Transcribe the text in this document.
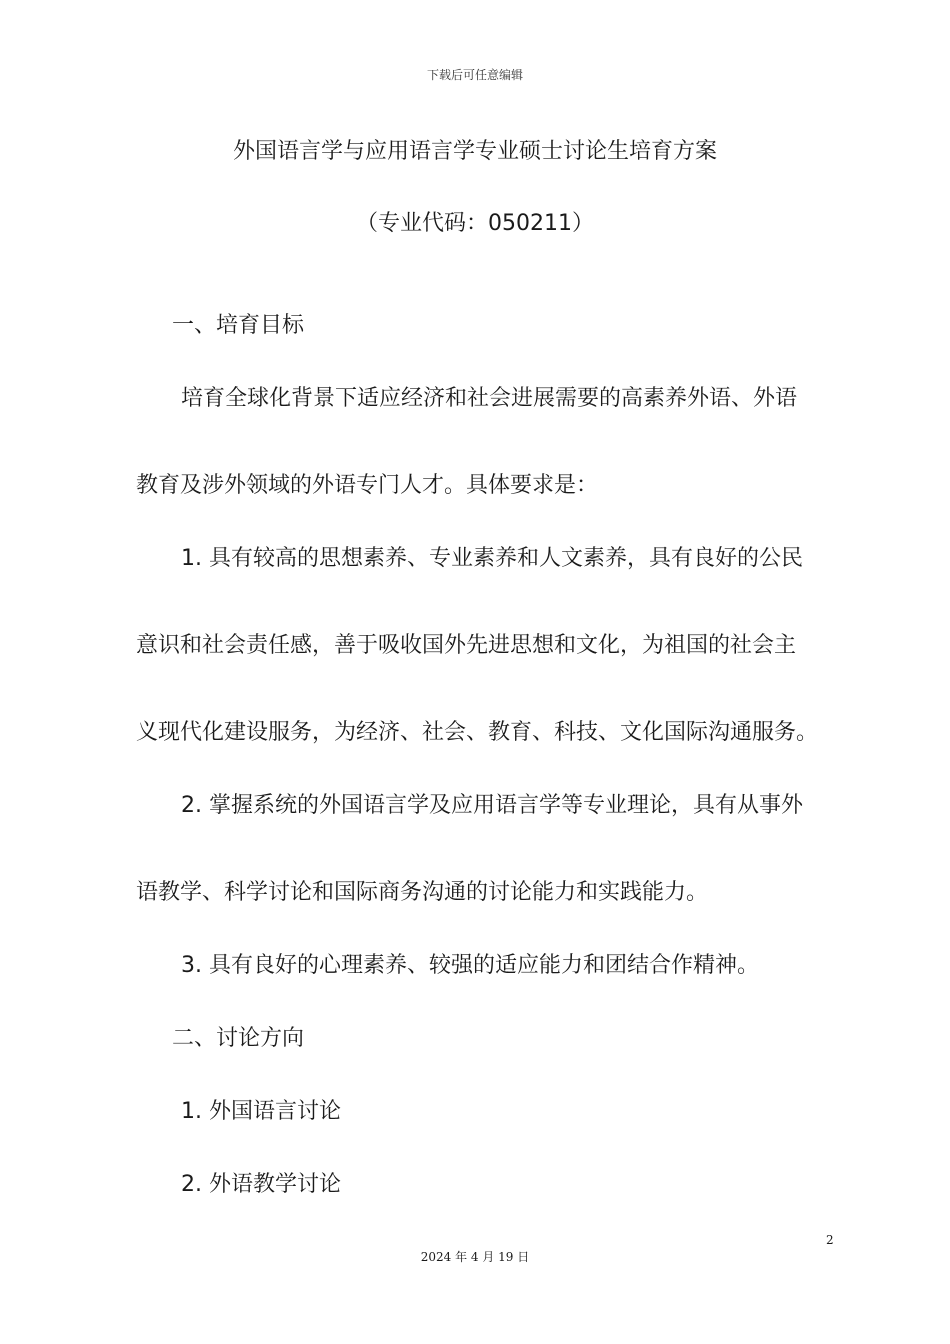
下载后可任意编辑
外国语言学与应用语言学专业硕士讨论生培育方案
（专业代码：050211）
一、培育目标
培育全球化背景下适应经济和社会进展需要的高素养外语、外语
教育及涉外领域的外语专门人才。具体要求是：
1. 具有较高的思想素养、专业素养和人文素养，具有良好的公民
意识和社会责任感，善于吸收国外先进思想和文化，为祖国的社会主
义现代化建设服务，为经济、社会、教育、科技、文化国际沟通服务。
2. 掌握系统的外国语言学及应用语言学等专业理论，具有从事外
语教学、科学讨论和国际商务沟通的讨论能力和实践能力。
3. 具有良好的心理素养、较强的适应能力和团结合作精神。
二、讨论方向
1. 外国语言讨论
2. 外语教学讨论
2
2024 年 4 月 19 日
